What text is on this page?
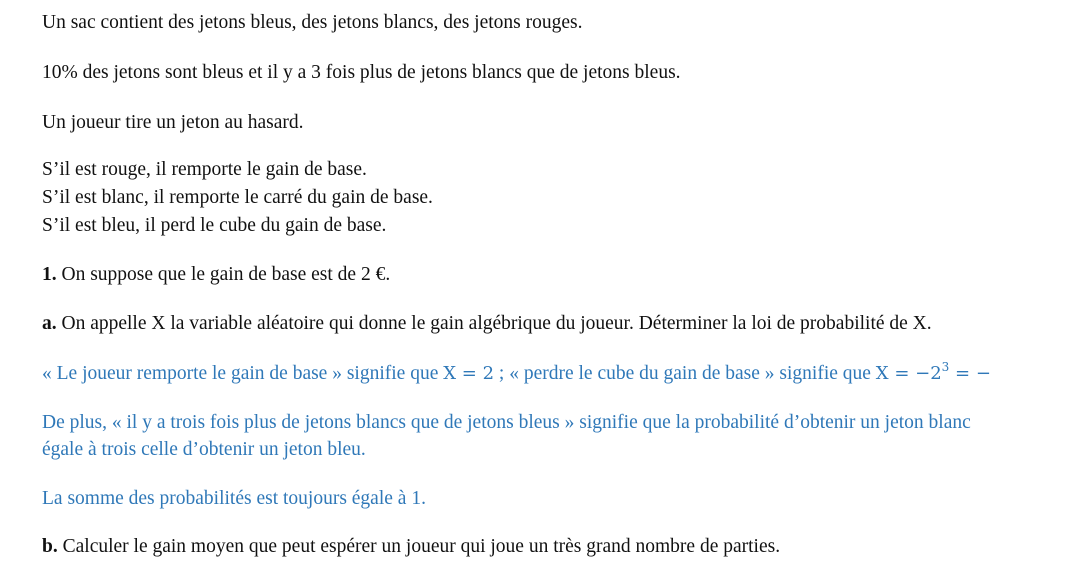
Un sac contient des jetons bleus, des jetons blancs, des jetons rouges.
10% des jetons sont bleus et il y a 3 fois plus de jetons blancs que de jetons bleus.
Un joueur tire un jeton au hasard.
S’il est rouge, il remporte le gain de base.
S’il est blanc, il remporte le carré du gain de base.
S’il est bleu, il perd le cube du gain de base.
1. On suppose que le gain de base est de 2 €.
a. On appelle X la variable aléatoire qui donne le gain algébrique du joueur. Déterminer la loi de probabilité de X.
« Le joueur remporte le gain de base » signifie que X = 2 ; « perdre le cube du gain de base » signifie que $X = -2^3$ = −
De plus, « il y a trois fois plus de jetons blancs que de jetons bleus » signifie que la probabilité d’obtenir un jeton blanc
égale à trois celle d’obtenir un jeton bleu.
La somme des probabilités est toujours égale à 1.
b. Calculer le gain moyen que peut espérer un joueur qui joue un très grand nombre de parties.
